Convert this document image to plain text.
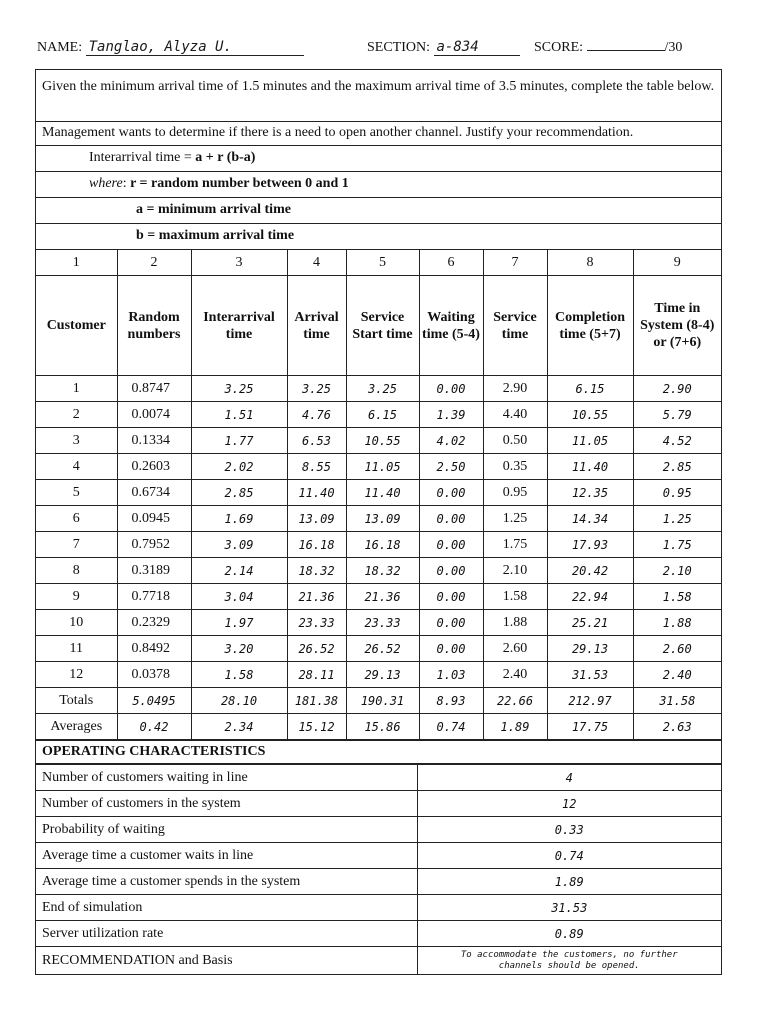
NAME: Tanglao, Alyza U.	SECTION: a-834	SCORE:	/30
Given the minimum arrival time of 1.5 minutes and the maximum arrival time of 3.5 minutes, complete the table below.
Management wants to determine if there is a need to open another channel. Justify your recommendation.
Interarrival time = a + r (b-a)
where: r = random number between 0 and 1
a = minimum arrival time
b = maximum arrival time
1	2	3	4	5	6	7	8	9
Customer	Random numbers	Interarrival time	Arrival time	Service Start time	Waiting time (5-4)	Service time	Completion time (5+7)	Time in System (8-4) or (7+6)
1	0.8747	3.25	3.25	3.25	0.00	2.90	6.15	2.90
2	0.0074	1.51	4.76	6.15	1.39	4.40	10.55	5.79
3	0.1334	1.77	6.53	10.55	4.02	0.50	11.05	4.52
4	0.2603	2.02	8.55	11.05	2.50	0.35	11.40	2.85
5	0.6734	2.85	11.40	11.40	0.00	0.95	12.35	0.95
6	0.0945	1.69	13.09	13.09	0.00	1.25	14.34	1.25
7	0.7952	3.09	16.18	16.18	0.00	1.75	17.93	1.75
8	0.3189	2.14	18.32	18.32	0.00	2.10	20.42	2.10
9	0.7718	3.04	21.36	21.36	0.00	1.58	22.94	1.58
10	0.2329	1.97	23.33	23.33	0.00	1.88	25.21	1.88
11	0.8492	3.20	26.52	26.52	0.00	2.60	29.13	2.60
12	0.0378	1.58	28.11	29.13	1.03	2.40	31.53	2.40
Totals	5.0495	28.10	181.38	190.31	8.93	22.66	212.97	31.58
Averages	0.42	2.34	15.12	15.86	0.74	1.89	17.75	2.63
OPERATING CHARACTERISTICS
Number of customers waiting in line	4
Number of customers in the system	12
Probability of waiting	0.33
Average time a customer waits in line	0.74
Average time a customer spends in the system	1.89
End of simulation	31.53
Server utilization rate	0.89
RECOMMENDATION and Basis	To accommodate the customers, no further
channels should be opened.
